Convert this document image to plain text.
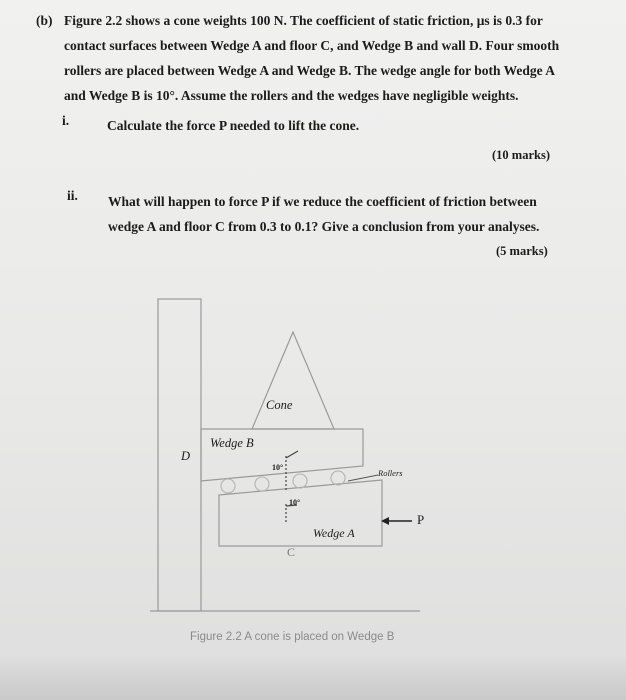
(b) Figure 2.2 shows a cone weights 100 N. The coefficient of static friction, μs is 0.3 for
contact surfaces between Wedge A and floor C, and Wedge B and wall D. Four smooth
rollers are placed between Wedge A and Wedge B. The wedge angle for both Wedge A
and Wedge B is 10°. Assume the rollers and the wedges have negligible weights.
i.	Calculate the force P needed to lift the cone.
(10 marks)
ii. What will happen to force P if we reduce the coefficient of friction between
wedge A and floor C from 0.3 to 0.1? Give a conclusion from your analyses.
(5 marks)
Cone
Wedge B
D
10°
Rollers
10°
Wedge A
P
C
Figure 2.2 A cone is placed on Wedge B
